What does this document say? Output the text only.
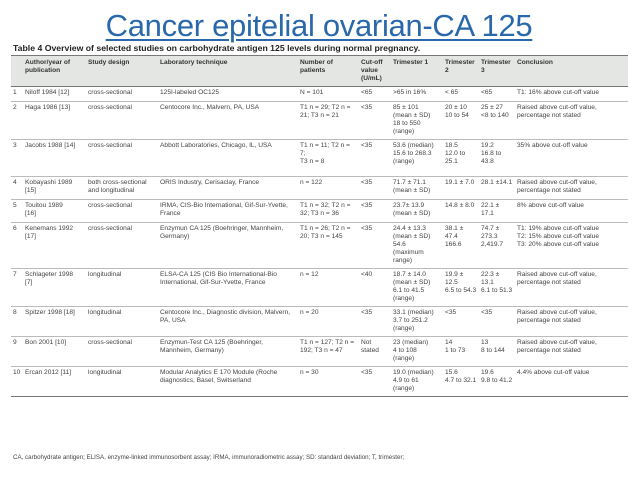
Cancer epitelial ovarian-CA 125
Table 4 Overview of selected studies on carbohydrate antigen 125 levels during normal pregnancy.
	Author/year of publication	Study design	Laboratory technique	Number of patients	Cut-off value (U/mL)	Trimester 1	Trimester 2	Trimester 3	Conclusion
1	Niloff 1984 [12]	cross-sectional	125I-labeled OC125	N = 101	<65	>65 in 16%	< 65	<65	T1: 16% above cut-off value

2	Haga 1986 [13]	cross-sectional	Centocore Inc., Malvern, PA, USA	T1 n = 29; T2 n =
21; T3 n = 21	<35	85 ± 101
(mean ± SD)
18 to 550
(range)	20 ± 10
10 to 54	25 ± 27
<8 to 140	Raised above cut-off value,
percentage not stated

3	Jacobs 1988 [14]	cross-sectional	Abbott Laboratories, Chicago, IL, USA	T1 n = 11; T2 n = 7;
T3 n = 8	<35	53.6 (median)
15.6 to 268.3
(range)	18.5
12.0 to
25.1	19.2
16.8 to
43.8	35% above cut-off value

4	Kobayashi 1989
[15]	both cross-sectional
and longitudinal	ORIS Industry, Cerisaclay, France	n = 122	<35	71.7 ± 71.1
(mean ± SD)	19.1 ± 7.0	28.1 ±14.1	Raised above cut-off value,
percentage not stated

5	Touitou 1989
[16]	cross-sectional	IRMA, CIS-Bio International, Gif-Sur-Yvette,
France	T1 n = 32; T2 n =
32; T3 n = 36	<35	23.7± 13.9
(mean ± SD)	14.8 ± 8.0	22.1 ±
17.1	8% above cut-off value

6	Kenemans 1992
[17]	cross-sectional	Enzymun CA 125 (Boehringer, Mannheim,
Germany)	T1 n = 26; T2 n =
20; T3 n = 145	<35	24.4 ± 13.3
(mean ± SD)
54.6
(maximum
range)	38.1 ±
47.4
166.6	74.7 ±
273.3
2,419.7	T1: 19% above cut-off value
T2: 15% above cut-off value
T3: 20% above cut-off value

7	Schlageter 1998
[7]	longitudinal	ELSA-CA 125 (CIS Bio International-Bio
International, Gif-Sur-Yvette, France	n = 12	<40	18.7 ± 14.0
(mean ± SD)
6.1 to 41.5
(range)	19.9 ±
12.5
6.5 to 54.3	22.3 ±
13.1
6.1 to 51.3	Raised above cut-off value,
percentage not stated

8	Spitzer 1998 [18]	longitudinal	Centocore Inc., Diagnostic division, Malvern,
PA, USA	n = 20	<35	33.1 (median)
3.7 to 251.2
(range)	<35	<35	Raised above cut-off value,
percentage not stated

9	Bon 2001 [10]	cross-sectional	Enzymun-Test CA 125 (Boehringer,
Mannheim, Germany)	T1 n = 127; T2 n =
192; T3 n = 47	Not
stated	23 (median)
4 to 108
(range)	14
1 to 73	13
8 to 144	Raised above cut-off value,
percentage not stated

10	Ercan 2012 [11]	longitudinal	Modular Analytics E 170 Module (Roche
diagnostics, Basel, Switserland	n = 30	<35	19.0 (median)
4.9 to 61
(range)	15.6
4.7 to 32.1	19.6
9.8 to 41.2	4.4% above cut-off value
CA, carbohydrate antigen; ELISA, enzyme-linked immunosorbent assay; IRMA, immunoradiometric assay; SD: standard deviation; T, trimester;
